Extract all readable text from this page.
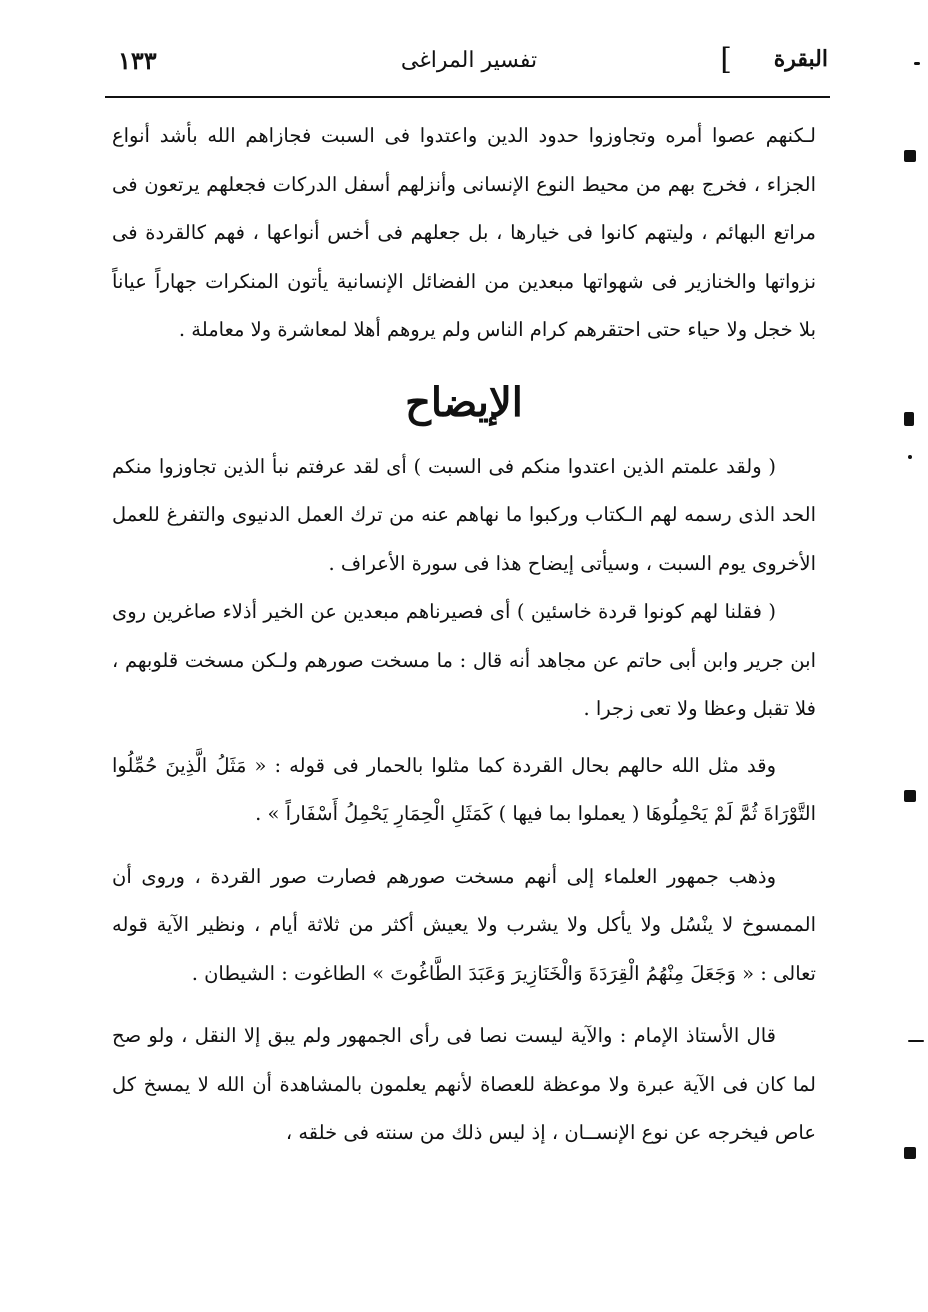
البقرة
]
تفسير المراغى
١٣٣

لـكنهم عصوا أمره وتجاوزوا حدود الدين واعتدوا فى السبت فجازاهم الله بأشد أنواع الجزاء ، فخرج بهم من محيط النوع الإنسانى وأنزلهم أسفل الدركات فجعلهم يرتعون فى مراتع البهائم ، وليتهم كانوا فى خيارها ، بل جعلهم فى أخس أنواعها ، فهم كالقردة فى نزواتها والخنازير فى شهواتها مبعدين من الفضائل الإنسانية يأتون المنكرات جهاراً عياناً بلا خجل ولا حياء حتى احتقرهم كرام الناس ولم يروهم أهلا لمعاشرة ولا معاملة .

الإيضاح

( ولقد علمتم الذين اعتدوا منكم فى السبت ) أى لقد عرفتم نبأ الذين تجاوزوا منكم الحد الذى رسمه لهم الـكتاب وركبوا ما نهاهم عنه من ترك العمل الدنيوى والتفرغ للعمل الأخروى يوم السبت ، وسيأتى إيضاح هذا فى سورة الأعراف .

( فقلنا لهم كونوا قردة خاسئين ) أى فصيرناهم مبعدين عن الخير أذلاء صاغرين روى ابن جرير وابن أبى حاتم عن مجاهد أنه قال : ما مسخت صورهم ولـكن مسخت قلوبهم ، فلا تقبل وعظا ولا تعى زجرا .

وقد مثل الله حالهم بحال القردة كما مثلوا بالحمار فى قوله : « مَثَلُ الَّذِينَ حُمِّلُوا التَّوْرَاةَ ثُمَّ لَمْ يَحْمِلُوهَا ( يعملوا بما فيها ) كَمَثَلِ الْحِمَارِ يَحْمِلُ أَسْفَاراً » .

وذهب جمهور العلماء إلى أنهم مسخت صورهم فصارت صور القردة ، وروى أن الممسوخ لا ينْسُل ولا يأكل ولا يشرب ولا يعيش أكثر من ثلاثة أيام ، ونظير الآية قوله تعالى : « وَجَعَلَ مِنْهُمُ الْقِرَدَةَ وَالْخَنَازِيرَ وَعَبَدَ الطَّاغُوتَ » الطاغوت : الشيطان .

قال الأستاذ الإمام : والآية ليست نصا فى رأى الجمهور ولم يبق إلا النقل ، ولو صح لما كان فى الآية عبرة ولا موعظة للعصاة لأنهم يعلمون بالمشاهدة أن الله لا يمسخ كل عاص فيخرجه عن نوع الإنســان ، إذ ليس ذلك من سنته فى خلقه ،
